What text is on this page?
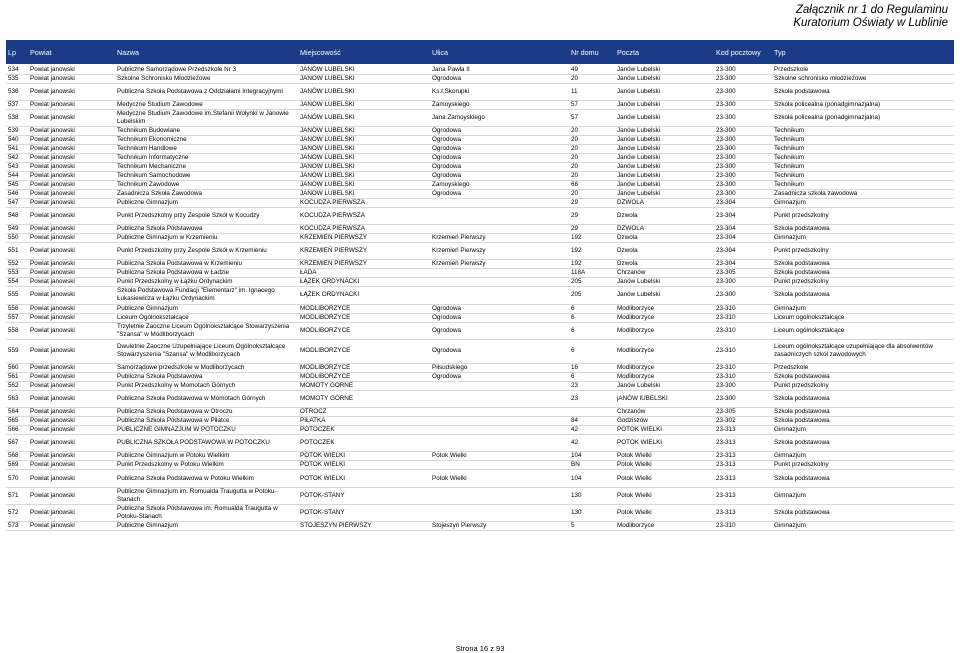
Załącznik nr 1 do Regulaminu
Kuratorium Oświaty w Lublinie
Lp	Powiat	Nazwa	Miejscowość	Ulica	Nr domu	Poczta	Kod pocztowy	Typ

534	Powiat janowski	Publiczne Samorządowe Przedszkole Nr 3	JANÓW LUBELSKI	Jana Pawła II	49	Janów Lubelski	23-300	Przedszkole
535	Powiat janowski	Szkolne Schronisko Młodzieżowe	JANÓW LUBELSKI	Ogrodowa	20	Janów Lubelski	23-300	Szkolne schronisko młodzieżowe
536	Powiat janowski	Publiczna Szkoła Podstawowa z Oddziałami Integracyjnymi	JANÓW LUBELSKI	Ks.I.Skorupki	11	Janów Lubelski	23-300	Szkoła podstawowa
537	Powiat janowski	Medyczne Studium Zawodowe	JANÓW LUBELSKI	Zamoyskiego	57	Janów Lubelski	23-300	Szkoła policealna (ponadgimnazjalna)
538	Powiat janowski	Medyczne Studium Zawodowe im.Stefanii Wołynki w Janowie Lubelskim	JANÓW LUBELSKI	Jana Zamoyskiego	57	Janów Lubelski	23-300	Szkoła policealna (ponadgimnazjalna)
539	Powiat janowski	Technikum Budowlane	JANÓW LUBELSKI	Ogrodowa	20	Janów Lubelski	23-300	Technikum
540	Powiat janowski	Technikum Ekonomiczne	JANÓW LUBELSKI	Ogrodowa	20	Janów Lubelski	23-300	Technikum
541	Powiat janowski	Technikum Handlowe	JANÓW LUBELSKI	Ogrodowa	20	Janów Lubelski	23-300	Technikum
542	Powiat janowski	Technikum Informatyczne	JANÓW LUBELSKI	Ogrodowa	20	Janów Lubelski	23-300	Technikum
543	Powiat janowski	Technikum Mechaniczne	JANÓW LUBELSKI	Ogrodowa	20	Janów Lubelski	23-300	Technikum
544	Powiat janowski	Technikum Samochodowe	JANÓW LUBELSKI	Ogrodowa	20	Janów Lubelski	23-300	Technikum
545	Powiat janowski	Technikum Zawodowe	JANÓW LUBELSKI	Zamoyskiego	68	Janów Lubelski	23-300	Technikum
546	Powiat janowski	Zasadnicza Szkoła Zawodowa	JANÓW LUBELSKI	Ogrodowa	20	Janów Lubelski	23-300	Zasadnicza szkoła zawodowa
547	Powiat janowski	Publiczne Gimnazjum	KOCUDZA PIERWSZA		29	DZWOLA	23-304	Gimnazjum
548	Powiat janowski	Punkt Przedszkolny przy Zespole Szkół w Kocudzy	KOCUDZA PIERWSZA		29	Dzwola	23-304	Punkt przedszkolny
549	Powiat janowski	Publiczna Szkoła Podstawowa	KOCUDZA PIERWSZA		29	DZWOLA	23-304	Szkoła podstawowa
550	Powiat janowski	Publiczne Gimnazjum w Krzemieniu	KRZEMIEŃ PIERWSZY	Krzemień Pierwszy	192	Dzwola	23-304	Gimnazjum
551	Powiat janowski	Punkt Przedszkolny przy Zespole Szkół w Krzemieniu	KRZEMIEŃ PIERWSZY	Krzemień Pierwszy	192	Dzwola	23-304	Punkt przedszkolny
552	Powiat janowski	Publiczna Szkoła Podstawowa w Krzemieniu	KRZEMIEŃ PIERWSZY	Krzemień Pierwszy	192	Dzwola	23-304	Szkoła podstawowa
553	Powiat janowski	Publiczna Szkoła Podstawowa w Ładzie	ŁADA		118A	Chrzanów	23-305	Szkoła podstawowa
554	Powiat janowski	Punkt Przedszkolny w Łążku Ordynackim	ŁĄŻEK ORDYNACKI		205	Janów Lubelski	23-300	Punkt przedszkolny
555	Powiat janowski	Szkoła Podstawowa Fundacji "Elementarz" im. Ignacego Łukasiewicza w Łążku Ordynackim	ŁĄŻEK ORDYNACKI		205	Janów Lubelski	23-300	Szkoła podstawowa
556	Powiat janowski	Publiczne Gimnazjum	MODLIBORZYCE	Ogrodowa	6	Modliborzyce	23-310	Gimnazjum
557	Powiat janowski	Liceum Ogólnokształcące	MODLIBORZYCE	Ogrodowa	6	Modliborzyce	23-310	Liceum ogólnokształcące
558	Powiat janowski	Trzyletnie Zaoczne Liceum Ogólnokształcące Stowarzyszenia "Szansa" w Modliborzycach	MODLIBORZYCE	Ogrodowa	6	Modliborzyce	23-310	Liceum ogólnokształcące
559	Powiat janowski	Dwuletnie Zaoczne Uzupełniające Liceum Ogólnokształcące Stowarzyszenia "Szansa" w Modliborzycach	MODLIBORZYCE	Ogrodowa	6	Modliborzyce	23-310	Liceum ogólnokształcące uzupełniające dla absolwentów zasadniczych szkół zawodowych
560	Powiat janowski	Samorządowe przedszkole w Modliborzycach	MODLIBORZYCE	Piłsudskiego	16	Modliborzyce	23-310	Przedszkole
561	Powiat janowski	Publiczna Szkoła Podstawowa	MODLIBORZYCE	Ogrodowa	6	Modliborzyce	23-310	Szkoła podstawowa
562	Powiat janowski	Punkt Przedszkolny w Momotach Górnych	MOMOTY GÓRNE		23	Janów Lubelski	23-300	Punkt przedszkolny
563	Powiat janowski	Publiczna Szkoła Podstawowa w Momotach Górnych	MOMOTY GÓRNE		23	jANÓW lUBELSKI	23-300	Szkoła podstawowa
564	Powiat janowski	Publiczna Szkoła Podstawowa w Otroczu	OTROCZ			Chrzanów	23-305	Szkoła podstawowa
565	Powiat janowski	Publiczna Szkoła Podstawowa w Piłatce	PIŁATKA		84	Godziszów	23-302	Szkoła podstawowa
566	Powiat janowski	PUBLICZNE GIMNAZJUM W POTOCZKU	POTOCZEK		42	POTOK WIELKI	23-313	Gimnazjum
567	Powiat janowski	PUBLICZNA SZKOŁA PODSTAWOWA W POTOCZKU	POTOCZEK		42	POTOK WIELKI	23-313	Szkoła podstawowa
568	Powiat janowski	Publiczne Gimnazjum w Potoku Wielkim	POTOK WIELKI	Potok Wielki	104	Potok Wielki	23-313	Gimnazjum
569	Powiat janowski	Punkt Przedszkolny w Potoku Wielkim	POTOK WIELKI		BN	Potok Wielki	23-313	Punkt przedszkolny
570	Powiat janowski	Publiczna Szkoła Podstawowa w Potoku Wielkim	POTOK WIELKI	Potok Wielki	104	Potok Wielki	23-313	Szkoła podstawowa
571	Powiat janowski	Publiczne Gimnazjum im. Romualda Traugutta w Potoku-Stanach	POTOK-STANY		130	Potok Wielki	23-313	Gimnazjum
572	Powiat janowski	Publiczna Szkoła Podstawowa im. Romualda Traugutta w Potoku-Stanach	POTOK-STANY		130	Potok Wielki	23-313	Szkoła podstawowa
573	Powiat janowski	Publiczne Gimnazjum	STOJESZYN PIERWSZY	Stojeszyn Pierwszy	5	Modliborzyce	23-310	Gimnazjum
Strona 16 z 93
